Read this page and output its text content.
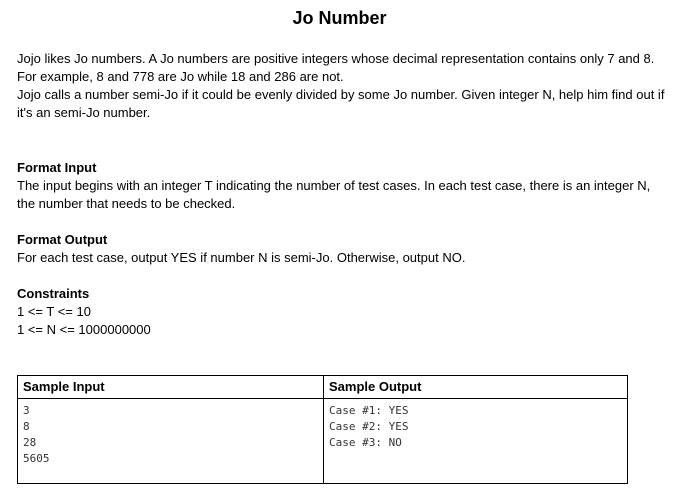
Jo Number

Jojo likes Jo numbers. A Jo numbers are positive integers whose decimal representation contains only 7 and 8. For example, 8 and 778 are Jo while 18 and 286 are not.

Jojo calls a number semi-Jo if it could be evenly divided by some Jo number. Given integer N, help him find out if it's an semi-Jo number.

Format Input

The input begins with an integer T indicating the number of test cases. In each test case, there is an integer N, the number that needs to be checked.

Format Output
For each test case, output YES if number N is semi-Jo. Otherwise, output NO.
Constraints
1 <= T <= 10
1 <= N <= 1000000000
Sample Input
3
8
28
5605
Sample Output
Case #1: YES
Case #2: YES
Case #3: NO
